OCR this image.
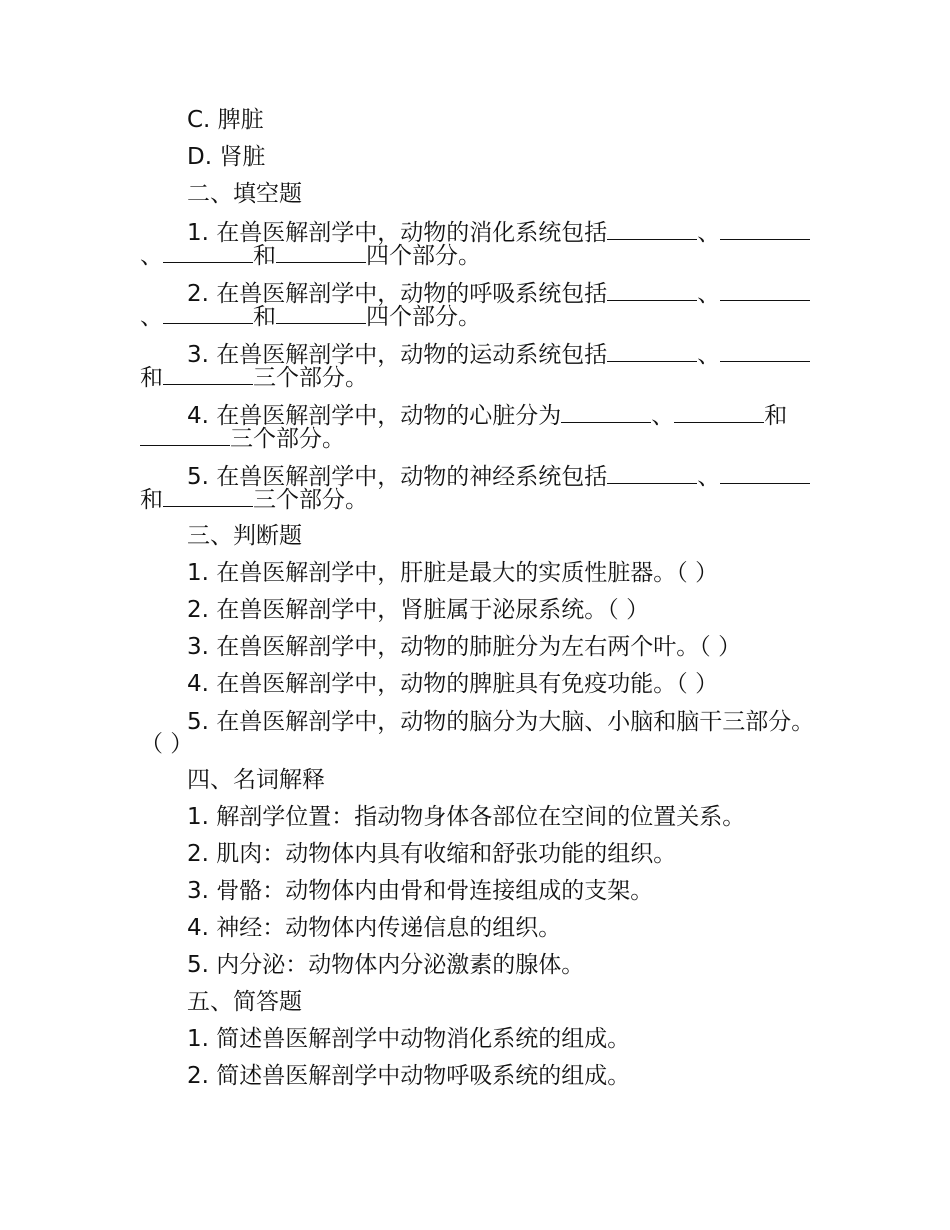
C. 脾脏

D. 肾脏

二、填空题

1. 在兽医解剖学中，动物的消化系统包括	、、	和	四个部分。

2. 在兽医解剖学中，动物的呼吸系统包括	、、	和	四个部分。

3. 在兽医解剖学中，动物的运动系统包括	、和	三个部分。

4. 在兽医解剖学中，动物的心脏分为	、	和三个部分。

5. 在兽医解剖学中，动物的神经系统包括	、和	三个部分。

三、判断题

1. 在兽医解剖学中，肝脏是最大的实质性脏器。（ ）

2. 在兽医解剖学中，肾脏属于泌尿系统。（ ）

3. 在兽医解剖学中，动物的肺脏分为左右两个叶。（ ）

4. 在兽医解剖学中，动物的脾脏具有免疫功能。（ ）

5. 在兽医解剖学中，动物的脑分为大脑、小脑和脑干三部分。（ ）

四、名词解释

1. 解剖学位置：指动物身体各部位在空间的位置关系。

2. 肌肉：动物体内具有收缩和舒张功能的组织。

3. 骨骼：动物体内由骨和骨连接组成的支架。

4. 神经：动物体内传递信息的组织。

5. 内分泌：动物体内分泌激素的腺体。

五、简答题

1. 简述兽医解剖学中动物消化系统的组成。

2. 简述兽医解剖学中动物呼吸系统的组成。
